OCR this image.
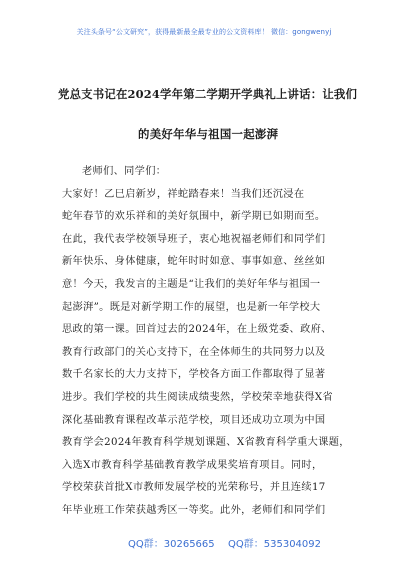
关注头条号“公文研究”，获得最新最全最专业的公文资料库！ 微信：gongwenyj
党总支书记在2024学年第二学期开学典礼上讲话：让我们
的美好年华与祖国一起澎湃
老师们、同学们：
大家好！乙巳启新岁，祥蛇踏春来！当我们还沉浸在
蛇年春节的欢乐祥和的美好氛围中，新学期已如期而至。
在此，我代表学校领导班子，衷心地祝福老师们和同学们
新年快乐、身体健康，蛇年时时如意、事事如意、丝丝如
意！今天，我发言的主题是“让我们的美好年华与祖国一
起澎湃”。既是对新学期工作的展望，也是新一年学校大
思政的第一课。回首过去的2024年，在上级党委、政府、
教育行政部门的关心支持下，在全体师生的共同努力以及
数千名家长的大力支持下，学校各方面工作都取得了显著
进步。我们学校的共生阅读成绩斐然，学校荣幸地获得X省
深化基础教育课程改革示范学校，项目还成功立项为中国
教育学会2024年教育科学规划课题、X省教育科学重大课题，
入选X市教育科学基础教育教学成果奖培育项目。同时，
学校荣获首批X市教师发展学校的光荣称号，并且连续17
年毕业班工作荣获越秀区一等奖。此外，老师们和同学们
QQ群：30265665 QQ群：535304092
